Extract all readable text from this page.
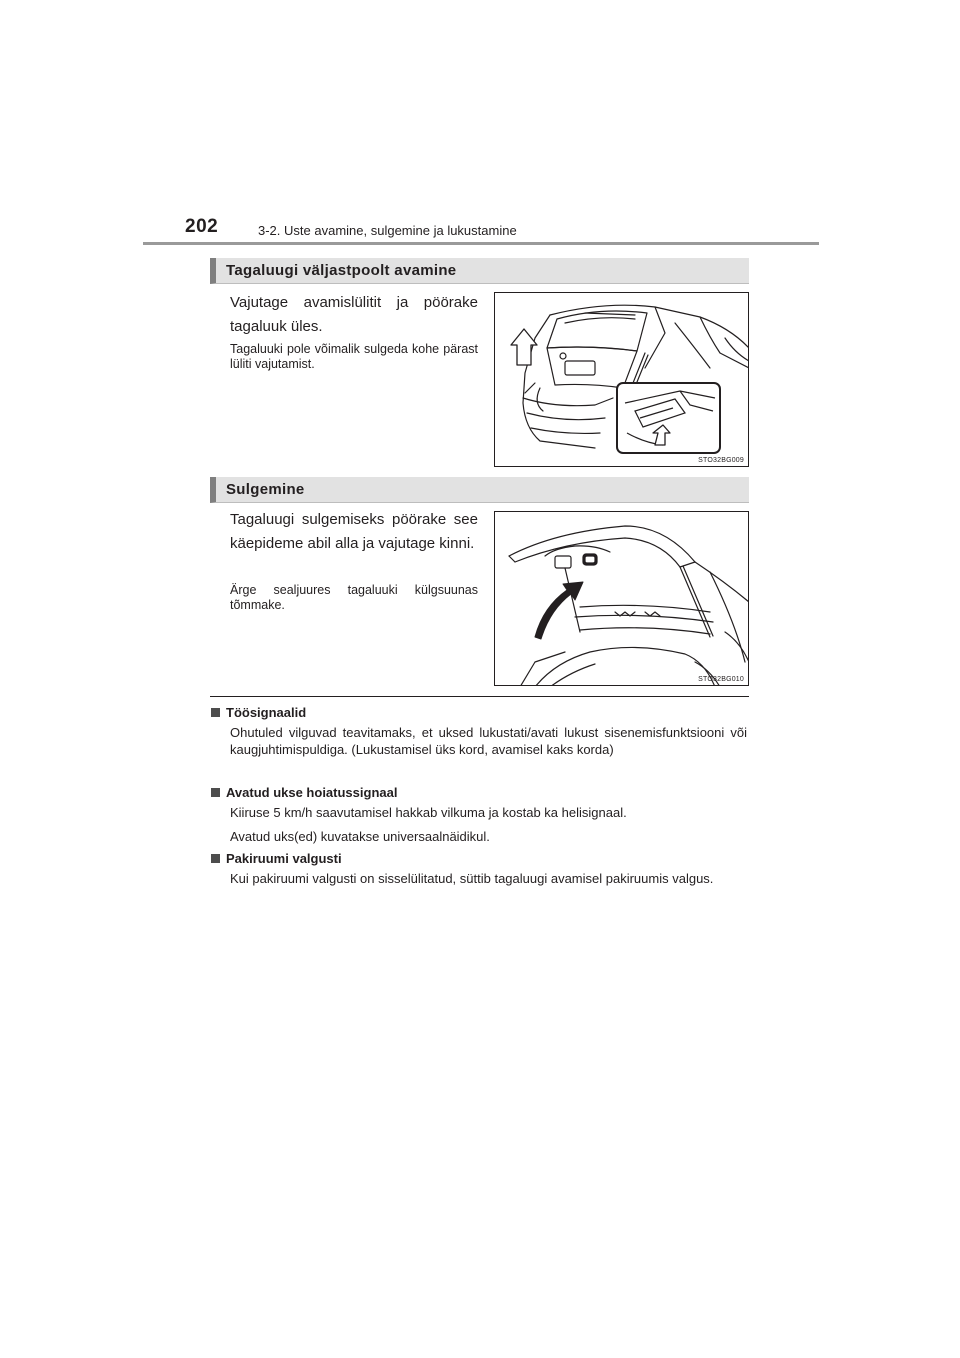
202	3-2. Uste avamine, sulgemine ja lukustamine
Tagaluugi väljastpoolt avamine
Vajutage avamislülitit ja pöörake tagaluuk üles.
Tagaluuki pole võimalik sulgeda kohe pärast lüliti vajutamist.
STO32BG009
Sulgemine
Tagaluugi sulgemiseks pöörake see käepideme abil alla ja vajutage kinni.
Ärge sealjuures tagaluuki külgsuunas tõmmake.
STO32BG010
Töösignaalid
Ohutuled vilguvad teavitamaks, et uksed lukustati/avati lukust sisenemisfunktsiooni või kaugjuhtimispuldiga. (Lukustamisel üks kord, avamisel kaks korda)
Avatud ukse hoiatussignaal
Kiiruse 5 km/h saavutamisel hakkab vilkuma ja kostab ka helisignaal.
Avatud uks(ed) kuvatakse universaalnäidikul.
Pakiruumi valgusti
Kui pakiruumi valgusti on sisselülitatud, süttib tagaluugi avamisel pakiruumis valgus.
